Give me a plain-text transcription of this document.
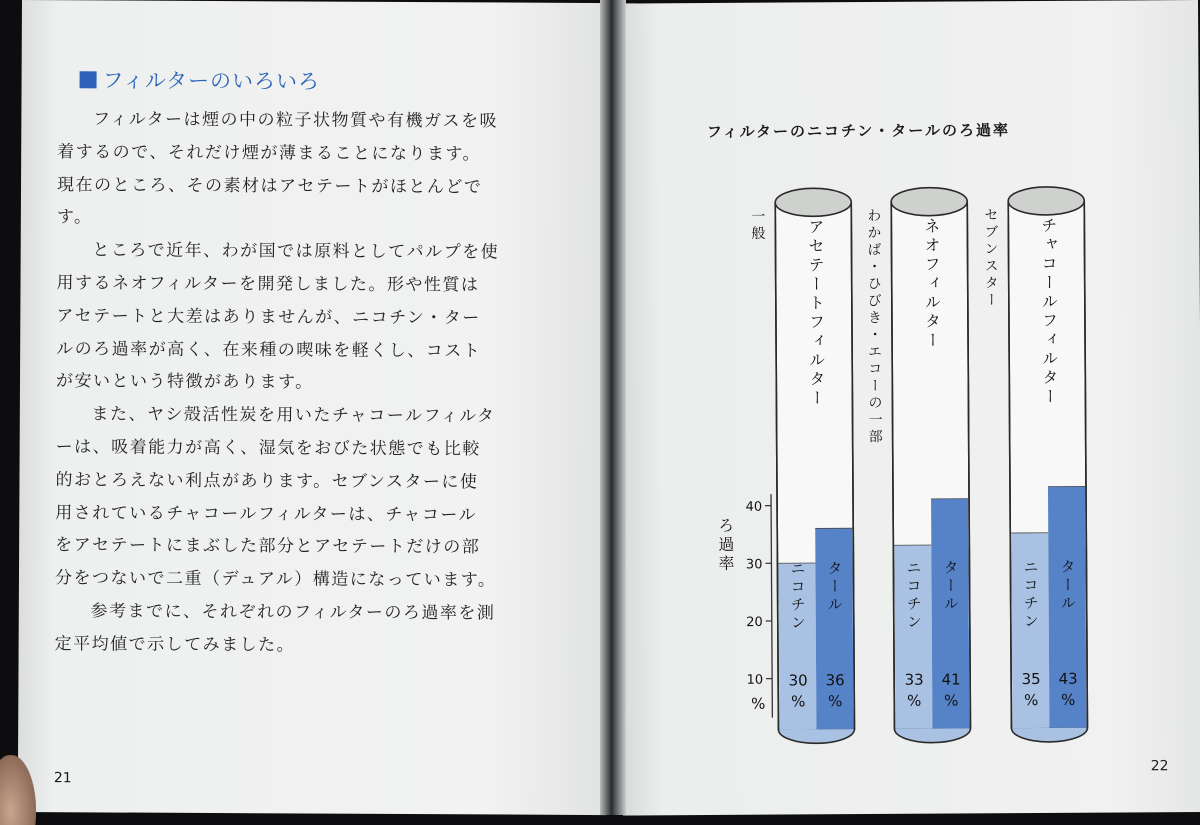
フィルターのいろいろ

フィルターは煙の中の粒子状物質や有機ガスを吸
着するので、それだけ煙が薄まることになります。
現在のところ、その素材はアセテートがほとんどで
す。

ところで近年、わが国では原料としてパルプを使
用するネオフィルターを開発しました。形や性質は
アセテートと大差はありませんが、ニコチン・ター
ルのろ過率が高く、在来種の喫味を軽くし、コスト
が安いという特徴があります。

また、ヤシ殻活性炭を用いたチャコールフィルタ
ーは、吸着能力が高く、湿気をおびた状態でも比較
的おとろえない利点があります。セブンスターに使
用されているチャコールフィルターは、チャコール
をアセテートにまぶした部分とアセテートだけの部
分をつないで二重（デュアル）構造になっています。

参考までに、それぞれのフィルターのろ過率を測
定平均値で示してみました。

21
フィルターのニコチン・タールのろ過率
10
20
30
40
%
ろ過率
アセテートフィルター
一般
ニコチン タール
30
%
36
%
ネオフィルター
わかば・ひびき・エコーの一部
ニコチン タール
33
%
41
%
チャコールフィルター
セブンスター
ニコチン タール
35
%
43
%
22
